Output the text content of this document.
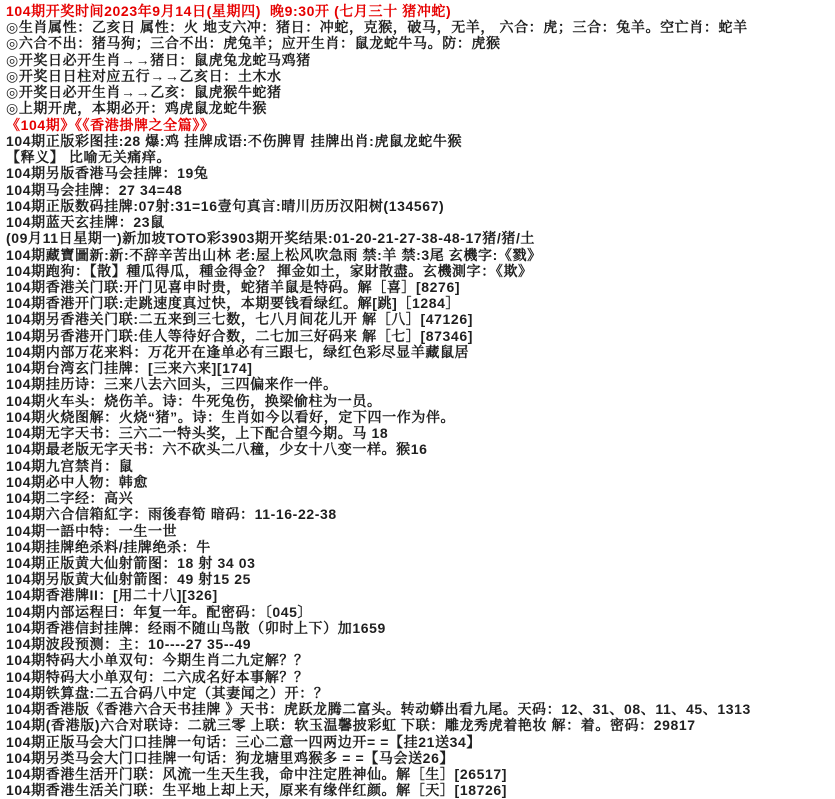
104期开奖时间2023年9月14日(星期四)  晚9:30开 (七月三十 猪冲蛇)
◎生肖属性：乙亥日 属性：火 地支六冲：猪日：冲蛇，克猴，破马，无羊， 六合：虎；三合：兔羊。空亡肖：蛇羊
◎六合不出：猪马狗；三合不出：虎兔羊；应开生肖：鼠龙蛇牛马。防：虎猴
◎开奖日必开生肖→→猪日：鼠虎兔龙蛇马鸡猪
◎开奖日日柱对应五行→→乙亥日：土木水
◎开奖日必开生肖→→乙亥：鼠虎猴牛蛇猪
◎上期开虎，本期必开：鸡虎鼠龙蛇牛猴
《104期》《《香港掛牌之全篇》》
104期正版彩图挂:28 爆:鸡 挂牌成语:不伤脾胃 挂牌出肖:虎鼠龙蛇牛猴
【释义】 比喻无关痛痒。
104期另版香港马会挂牌：19兔
104期马会挂牌：27 34=48
104期正版数码挂牌:07射:31=16壹句真言:晴川历历汉阳树(134567)
104期蓝天玄挂牌：23鼠
(09月11日星期一)新加坡TOTO彩3903期开奖结果:01-20-21-27-38-48-17猪/猪/土
104期藏寶圖新:新:不辞辛苦出山林 老:屋上松风吹急雨 禁:羊 禁:3尾 玄機字:《戮》
104期跑狗：【散】種瓜得瓜，種金得金？ 揮金如土，家財散盡。玄機測字：《欺》
104期香港关门联:开门见喜申时贵，蛇猪羊鼠是特码。解［喜］[8276]
104期香港开门联:走跳速度真过快，本期要钱看绿红。解[跳]［1284］
104期另香港关门联:二五来到三七数，七八月间花儿开 解［八］[47126]
104期另香港开门联:佳人等待好合数，二七加三好码来 解［七］[87346]
104期内部万花来料：万花开在逢单必有三跟七，绿红色彩尽显羊藏鼠居
104期台湾玄门挂牌：[三来六来][174]
104期挂历诗：三来八去六回头，三四偏来作一伴。
104期火车头：烧伤羊。诗：牛死兔伤，换梁偷柱为一员。
104期火烧图解：火烧“猪”。诗：生肖如今以看好，定下四一作为伴。
104期无字天书：三六二一特头奖，上下配合望今期。马 18
104期最老版无字天书：六不砍头二八穜，少女十八变一样。猴16
104期九宫禁肖：鼠
104期必中人物：韩愈
104期二字经：高兴
104期六合信箱紅字：雨後春筍 暗码：11-16-22-38
104期一語中特：一生一世
104期挂牌绝杀料/挂牌绝杀：牛
104期正版黄大仙射箭图：18 射 34 03
104期另版黄大仙射箭图：49 射15 25
104期香港牌II：[用二十八][326]
104期内部运程曰：年复一年。配密码：〔045〕
104期香港信封挂牌：经雨不随山鸟散（卯时上下）加1659
104期波段预测：主：10----27 35--49
104期特码大小单双句：今期生肖二九定解？？
104期特码大小单双句：二六成名好本事解？？
104期铁算盘:二五合码八中定（其妻闻之）开：？
104期香港版《香港六合天书挂牌 》天书：虎跃龙腾二富头。转动蟒出看九尾。天码：12、31、08、11、45、1313
104期(香港版)六合对联诗：二就三零 上联：软玉温馨披彩虹 下联：雕龙秀虎着艳妆 解：着。密码：29817
104期正版马会大门口挂牌一句话：三心二意一四两边开= =【挂21送34】
104期另类马会大门口挂牌一句话：狗龙塘里鸡猴多 = =【马会送26】
104期香港生活开门联：风流一生天生我，命中注定胜神仙。解［生］[26517]
104期香港生活关门联：生平地上却上天，原来有缘伴红颜。解［天］[18726]
